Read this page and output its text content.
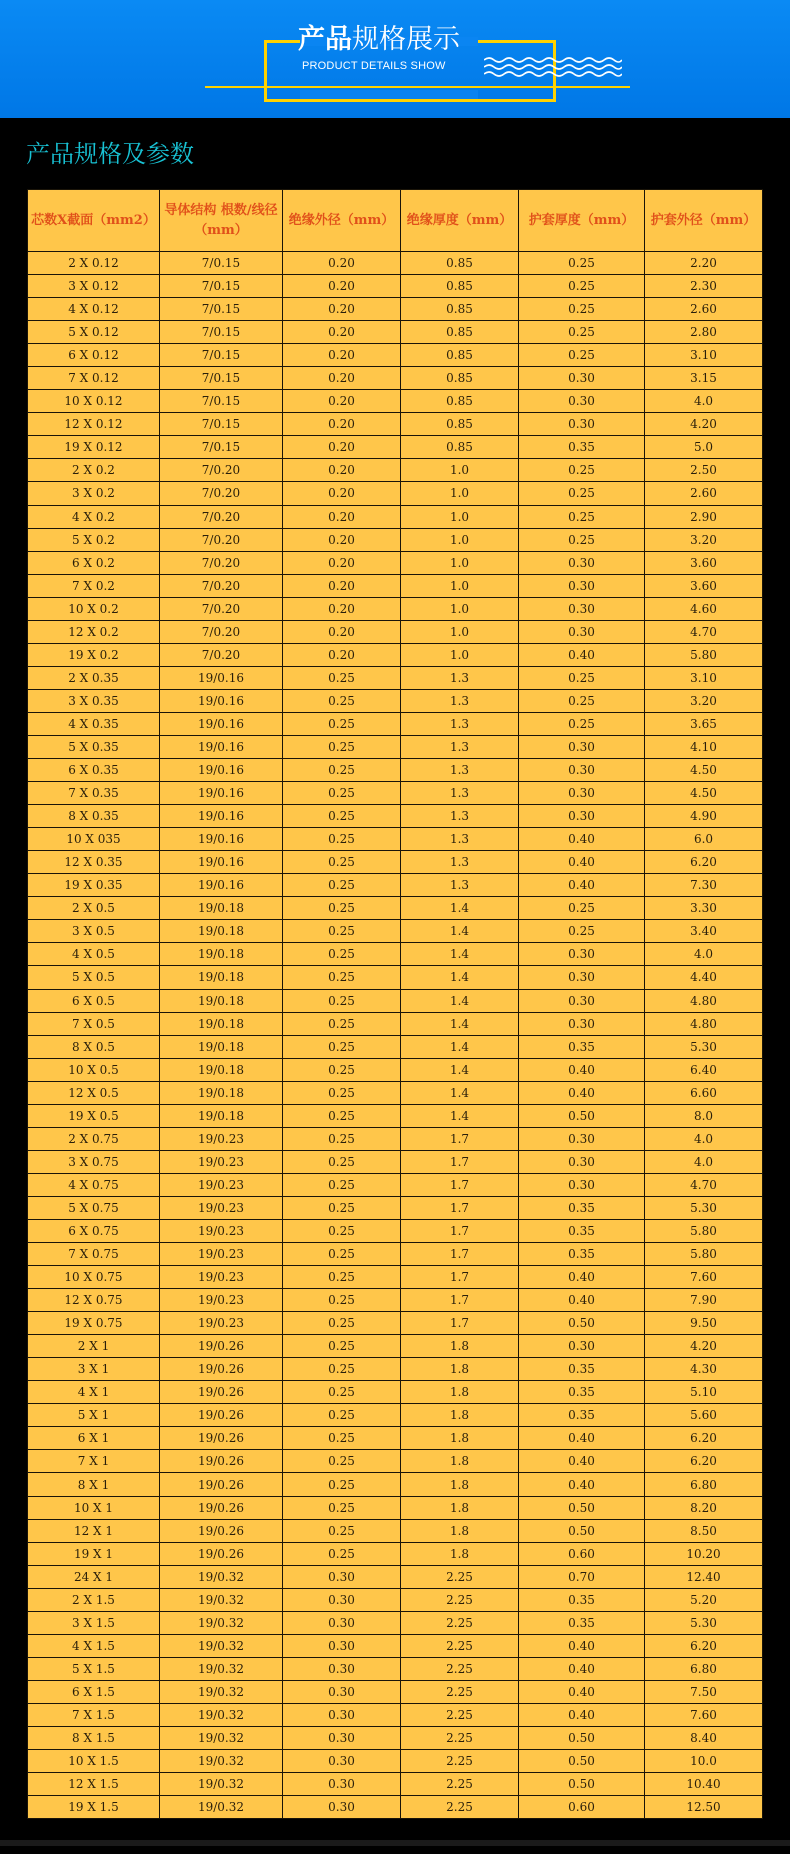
产品规格展示
PRODUCT DETAILS SHOW
产品规格及参数
芯数X截面（mm2）	导体结构 根数/线径（mm）	绝缘外径（mm）	绝缘厚度（mm）	护套厚度（mm）	护套外径（mm）
2 X 0.12	7/0.15	0.20	0.85	0.25	2.20
3 X 0.12	7/0.15	0.20	0.85	0.25	2.30
4 X 0.12	7/0.15	0.20	0.85	0.25	2.60
5 X 0.12	7/0.15	0.20	0.85	0.25	2.80
6 X 0.12	7/0.15	0.20	0.85	0.25	3.10
7 X 0.12	7/0.15	0.20	0.85	0.30	3.15
10 X 0.12	7/0.15	0.20	0.85	0.30	4.0
12 X 0.12	7/0.15	0.20	0.85	0.30	4.20
19 X 0.12	7/0.15	0.20	0.85	0.35	5.0
2 X 0.2	7/0.20	0.20	1.0	0.25	2.50
3 X 0.2	7/0.20	0.20	1.0	0.25	2.60
4 X 0.2	7/0.20	0.20	1.0	0.25	2.90
5 X 0.2	7/0.20	0.20	1.0	0.25	3.20
6 X 0.2	7/0.20	0.20	1.0	0.30	3.60
7 X 0.2	7/0.20	0.20	1.0	0.30	3.60
10 X 0.2	7/0.20	0.20	1.0	0.30	4.60
12 X 0.2	7/0.20	0.20	1.0	0.30	4.70
19 X 0.2	7/0.20	0.20	1.0	0.40	5.80
2 X 0.35	19/0.16	0.25	1.3	0.25	3.10
3 X 0.35	19/0.16	0.25	1.3	0.25	3.20
4 X 0.35	19/0.16	0.25	1.3	0.25	3.65
5 X 0.35	19/0.16	0.25	1.3	0.30	4.10
6 X 0.35	19/0.16	0.25	1.3	0.30	4.50
7 X 0.35	19/0.16	0.25	1.3	0.30	4.50
8 X 0.35	19/0.16	0.25	1.3	0.30	4.90
10 X 035	19/0.16	0.25	1.3	0.40	6.0
12 X 0.35	19/0.16	0.25	1.3	0.40	6.20
19 X 0.35	19/0.16	0.25	1.3	0.40	7.30
2 X 0.5	19/0.18	0.25	1.4	0.25	3.30
3 X 0.5	19/0.18	0.25	1.4	0.25	3.40
4 X 0.5	19/0.18	0.25	1.4	0.30	4.0
5 X 0.5	19/0.18	0.25	1.4	0.30	4.40
6 X 0.5	19/0.18	0.25	1.4	0.30	4.80
7 X 0.5	19/0.18	0.25	1.4	0.30	4.80
8 X 0.5	19/0.18	0.25	1.4	0.35	5.30
10 X 0.5	19/0.18	0.25	1.4	0.40	6.40
12 X 0.5	19/0.18	0.25	1.4	0.40	6.60
19 X 0.5	19/0.18	0.25	1.4	0.50	8.0
2 X 0.75	19/0.23	0.25	1.7	0.30	4.0
3 X 0.75	19/0.23	0.25	1.7	0.30	4.0
4 X 0.75	19/0.23	0.25	1.7	0.30	4.70
5 X 0.75	19/0.23	0.25	1.7	0.35	5.30
6 X 0.75	19/0.23	0.25	1.7	0.35	5.80
7 X 0.75	19/0.23	0.25	1.7	0.35	5.80
10 X 0.75	19/0.23	0.25	1.7	0.40	7.60
12 X 0.75	19/0.23	0.25	1.7	0.40	7.90
19 X 0.75	19/0.23	0.25	1.7	0.50	9.50
2 X 1	19/0.26	0.25	1.8	0.30	4.20
3 X 1	19/0.26	0.25	1.8	0.35	4.30
4 X 1	19/0.26	0.25	1.8	0.35	5.10
5 X 1	19/0.26	0.25	1.8	0.35	5.60
6 X 1	19/0.26	0.25	1.8	0.40	6.20
7 X 1	19/0.26	0.25	1.8	0.40	6.20
8 X 1	19/0.26	0.25	1.8	0.40	6.80
10 X 1	19/0.26	0.25	1.8	0.50	8.20
12 X 1	19/0.26	0.25	1.8	0.50	8.50
19 X 1	19/0.26	0.25	1.8	0.60	10.20
24 X 1	19/0.32	0.30	2.25	0.70	12.40
2 X 1.5	19/0.32	0.30	2.25	0.35	5.20
3 X 1.5	19/0.32	0.30	2.25	0.35	5.30
4 X 1.5	19/0.32	0.30	2.25	0.40	6.20
5 X 1.5	19/0.32	0.30	2.25	0.40	6.80
6 X 1.5	19/0.32	0.30	2.25	0.40	7.50
7 X 1.5	19/0.32	0.30	2.25	0.40	7.60
8 X 1.5	19/0.32	0.30	2.25	0.50	8.40
10 X 1.5	19/0.32	0.30	2.25	0.50	10.0
12 X 1.5	19/0.32	0.30	2.25	0.50	10.40
19 X 1.5	19/0.32	0.30	2.25	0.60	12.50
